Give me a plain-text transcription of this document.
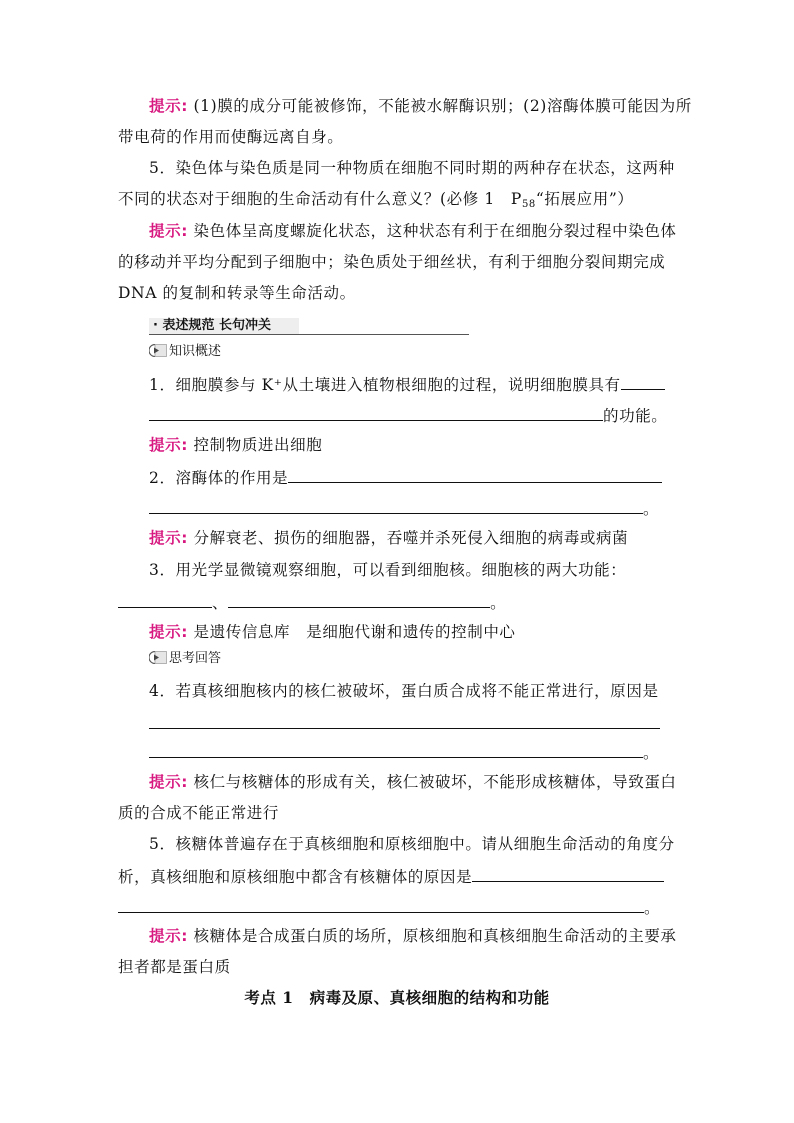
提示: (1)膜的成分可能被修饰，不能被水解酶识别；(2)溶酶体膜可能因为所
带电荷的作用而使酶远离自身。
5．染色体与染色质是同一种物质在细胞不同时期的两种存在状态，这两种
不同的状态对于细胞的生命活动有什么意义？(必修 1　$P_{58}“$拓展应用”）
提示: 染色体呈高度螺旋化状态，这种状态有利于在细胞分裂过程中染色体
的移动并平均分配到子细胞中；染色质处于细丝状，有利于细胞分裂间期完成
DNA 的复制和转录等生命活动。
· 表述规范 长句冲关
知识概述
1．细胞膜参与 K⁺从土壤进入植物根细胞的过程，说明细胞膜具有
的功能。
提示: 控制物质进出细胞
2．溶酶体的作用是
。
提示: 分解衰老、损伤的细胞器，吞噬并杀死侵入细胞的病毒或病菌
3．用光学显微镜观察细胞，可以看到细胞核。细胞核的两大功能：
、	。
提示: 是遗传信息库　是细胞代谢和遗传的控制中心
思考回答
4．若真核细胞核内的核仁被破坏，蛋白质合成将不能正常进行，原因是
。
提示: 核仁与核糖体的形成有关，核仁被破坏，不能形成核糖体，导致蛋白
质的合成不能正常进行
5．核糖体普遍存在于真核细胞和原核细胞中。请从细胞生命活动的角度分
析，真核细胞和原核细胞中都含有核糖体的原因是
。
提示: 核糖体是合成蛋白质的场所，原核细胞和真核细胞生命活动的主要承
担者都是蛋白质
考点 1　病毒及原、真核细胞的结构和功能
